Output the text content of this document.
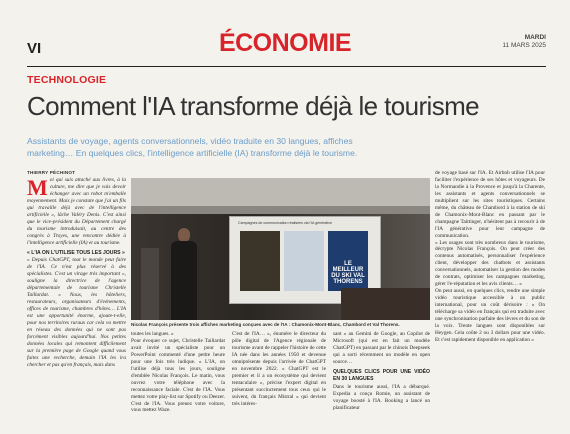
VI	ÉCONOMIE	MARDI
11 MARS 2025
TECHNOLOGIE
Comment l'IA transforme déjà le tourisme
Assistants de voyage, agents conversationnels, vidéo traduite en 30 langues, affiches marketing… En quelques clics, l'intelligence artificielle (IA) transforme déjà le tourisme.
THIERRY PÉCHINOT
Moi qui suis attaché aux livres, à la culture, me dire que je vais devoir échanger avec un robot m'emballe moyennement. Mais je constate que j'ai un fils qui travaille déjà avec de l'intelligence artificielle », lâche Valéry Denis. C'est ainsi que le vice-président du Département chargé du tourisme introduisait, au centre des congrès à Troyes, une rencontre dédiée à l'intelligence artificielle (IA) et au tourisme.
« L'IA ON L'UTILISE TOUS LES JOURS »
« Depuis ChatGPT, tout le monde peut faire de l'IA. Ce n'est plus réservé à des spécialistes. C'est un virage très important », souligne la directrice de l'agence départementale de tourisme Christelle Taillardat. « Nous, les hôteliers, restaurateurs, organisateurs d'événements, offices de tourisme, chambres d'hôtes… L'IA est une opportunité énorme, ajoute-t-elle, pour nos territoires ruraux car cela va mettre en réseau des données qui ne sont pas forcément visibles aujourd'hui. Nos petites données locales qui remontent difficilement sur la première page de Google quand vous faites une recherche, demain l'IA les ira chercher et pas qu'en français, mais dans
Campagnes de communication réalisées via l'IA générative
LE MEILLEUR DU SKI VAL THORENS
Nicolas François présente trois affiches marketing conçues avec de l'IA : Chamonix-Mont-Blanc, Chambord et Val Thorens.
toutes les langues. »
Pour évoquer ce sujet, Christelle Taillardat avait invité un spécialiste pour un PowerPoint commenté d'une petite heure pour une fois très ludique. « L'IA, on l'utilise déjà tous les jours, souligne d'emblée Nicolas François. Le matin, vous ouvrez votre téléphone avec la reconnaissance faciale. C'est de l'IA. Vous mettez votre play-list sur Spotify ou Deezer. C'est de l'IA. Vous prenez votre voiture, vous mettez Waze.
C'est de l'IA… », énumère le directeur du pôle digital de l'Agence régionale de tourisme avant de rappeler l'histoire de cette IA née dans les années 1950 et devenue omniprésente depuis l'arrivée de ChatGPT en novembre 2022. « ChatGPT est le premier et il a un écosystème qui devient tentaculaire », précise l'expert digital en présentant succinctement tous ceux qui le suivent, du français Mistral « qui devient très intéres-
sant » au Gemini de Google, au Copilot de Microsoft (qui est en fait un modèle ChatGPT) en passant par le chinois Deepseek qui a sorti récemment un modèle en open source…
QUELQUES CLICS POUR UNE VIDÉO EN 30 LANGUES
Dans le tourisme aussi, l'IA a débarqué. Expedia a conçu Romie, un assistant de voyage boosté à l'IA. Booking a lancé un planificateur
de voyage basé sur l'IA. Et Airbnb utilise l'IA pour faciliter l'expérience de ses hôtes et voyageurs. De la Normandie à la Provence et jusqu'à la Charente, les assistants et agents conversationnels se multiplient sur les sites touristiques. Certains même, du château de Chambord à la station de ski de Chamonix-Mont-Blanc en passant par le champagne Taittinger, n'hésitent pas à recourir à de l'IA générative pour leur campagne de communication.
« Les usages sont très nombreux dans le tourisme, décrypte Nicolas François. On peut créer des contenus automatisés, personnaliser l'expérience client, développer des chatbots et assistants conversationnels, automatiser la gestion des modes de contrats, optimiser les campagnes marketing, gérer l'e-réputation et les avis clients… »
On peut aussi, en quelques clics, rendre une simple vidéo touristique accessible à un public international, pour un coût dérisoire : « On télécharge sa vidéo en français qui est traduite avec une synchronisation parfaite des lèvres et du son de la voix. Trente langues sont disponibles sur Heygen. Cela coûte 2 ou 3 dollars pour une vidéo. Et c'est rapidement disponible en application »
